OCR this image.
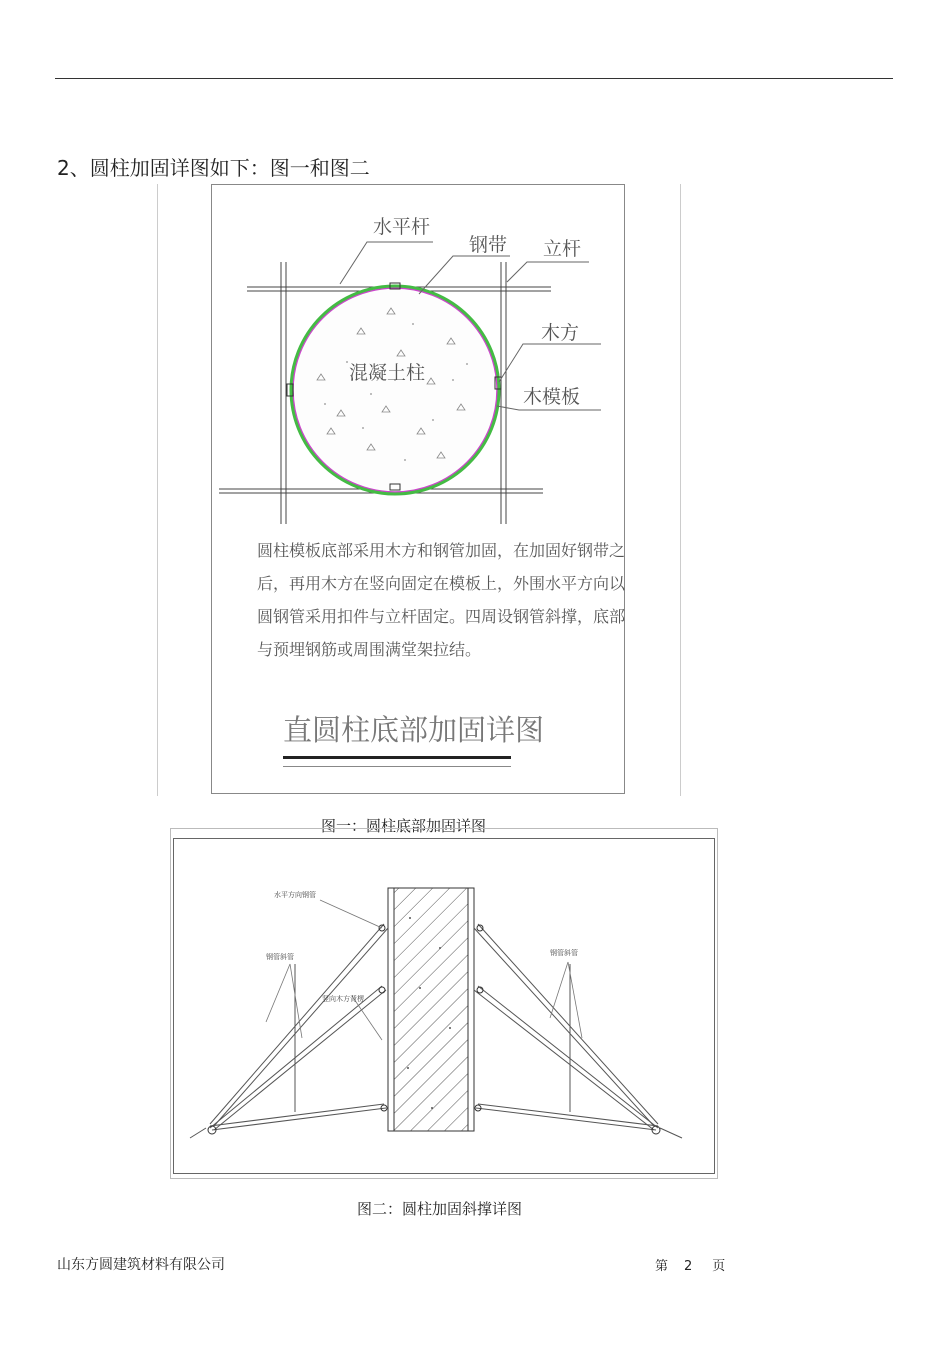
2、圆柱加固详图如下：图一和图二
水平杆
钢带 立杆
木方
混凝土柱
木模板
圆柱模板底部采用木方和钢管加固，在加固好钢带之
后，再用木方在竖向固定在模板上，外围水平方向以
圆钢管采用扣件与立杆固定。四周设钢管斜撑，底部
与预埋钢筋或周围满堂架拉结。
直圆柱底部加固详图
图一：圆柱底部加固详图
水平方向钢管
钢管斜管	钢管斜管
竖向木方背楞
图二：圆柱加固斜撑详图
山东方圆建筑材料有限公司	第 2 页
